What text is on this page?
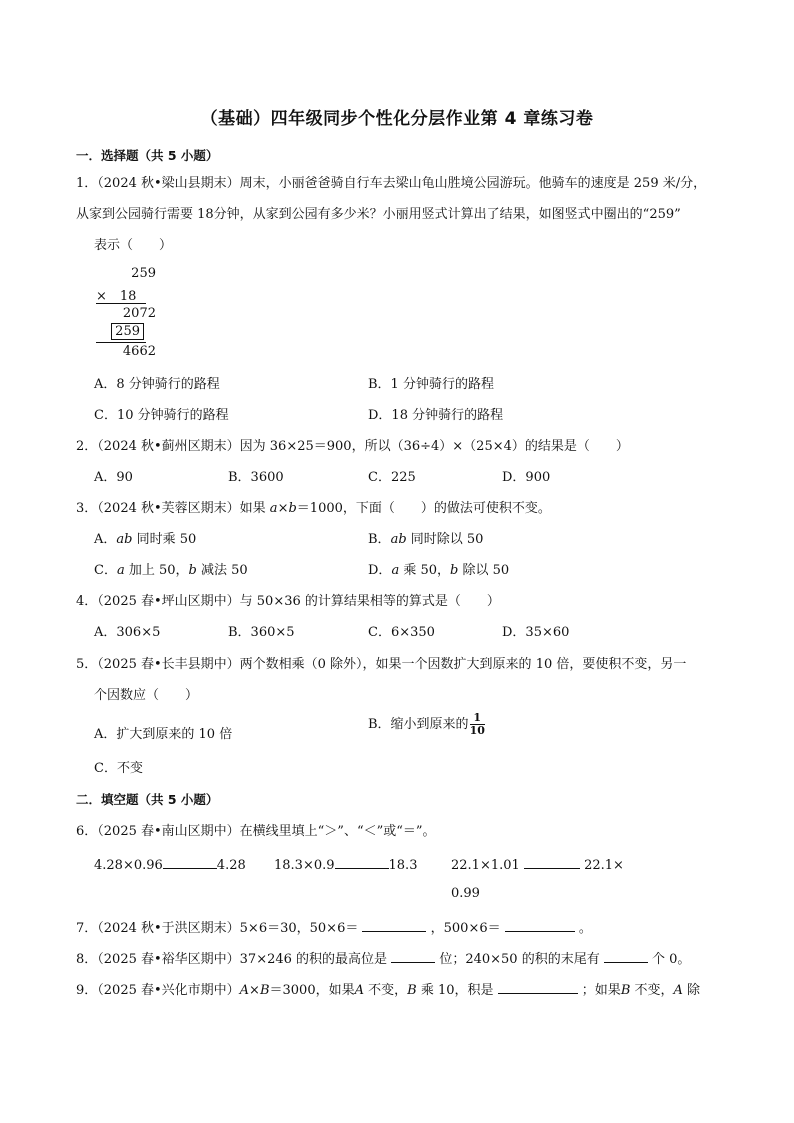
（基础）四年级同步个性化分层作业第 4 章练习卷
一．选择题（共 5 小题）
1．（2024 秋•梁山县期末）周末，小丽爸爸骑自行车去梁山龟山胜境公园游玩。他骑车的速度是 259 米/分，
从家到公园骑行需要 18分钟，从家到公园有多少米？小丽用竖式计算出了结果，如图竖式中圈出的“259”
表示（　　）
259
×　18
2072
259
4662
A．8 分钟骑行的路程	B．1 分钟骑行的路程
C．10 分钟骑行的路程	D．18 分钟骑行的路程
2．（2024 秋•蓟州区期末）因为 36×25＝900，所以（36÷4）×（25×4）的结果是（　　）
A．90	B．3600	C．225	D．900
3．（2024 秋•芙蓉区期末）如果 a×b＝1000，下面（　　）的做法可使积不变。
A．ab 同时乘 50	B．ab 同时除以 50
C．a 加上 50，b 减法 50	D．a 乘 50，b 除以 50
4．（2025 春•坪山区期中）与 50×36 的计算结果相等的算式是（　　）
A．306×5	B．360×5	C．6×350	D．35×60
5．（2025 春•长丰县期中）两个数相乘（0 除外），如果一个因数扩大到原来的 10 倍，要使积不变，另一
个因数应（　　）
A．扩大到原来的 10 倍
B．缩小到原来的 $\frac{1}{10}$
C．不变
二．填空题（共 5 小题）
6．（2025 春•南山区期中）在横线里填上“＞”、“＜”或“＝”。
4.28×0.96	4.28 18.3×0.9	18.3	22.1×1.01	22.1×
0.99
7．（2024 秋•于洪区期末）5×6＝30，50×6＝	，500×6＝	。
8．（2025 春•裕华区期中）37×246 的积的最高位是	位；240×50 的积的末尾有	个 0。
9．（2025 春•兴化市期中）A×B＝3000，如果A 不变，B 乘 10，积是	；如果B 不变，A 除
